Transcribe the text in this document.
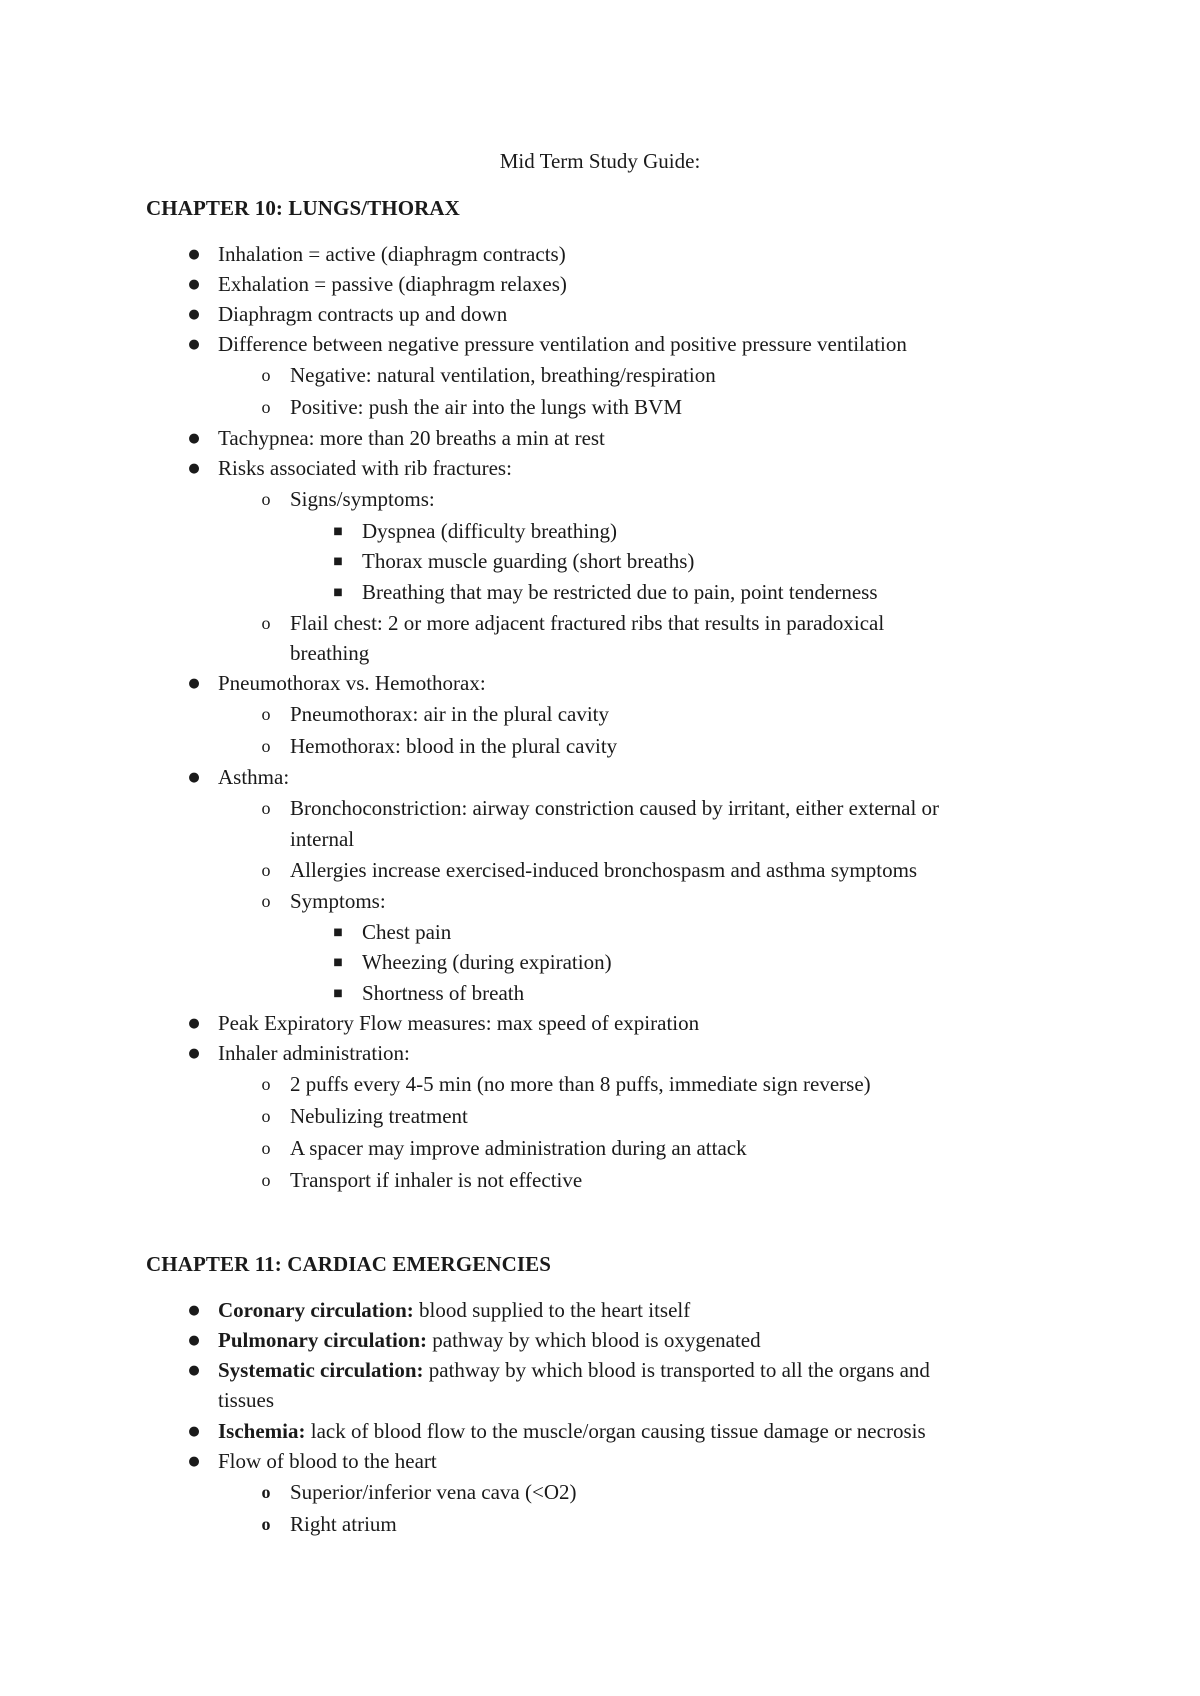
Mid Term Study Guide:
CHAPTER 10: LUNGS/THORAX
● Inhalation = active (diaphragm contracts)
● Exhalation = passive (diaphragm relaxes)
● Diaphragm contracts up and down
● Difference between negative pressure ventilation and positive pressure ventilation
o Negative: natural ventilation, breathing/respiration
o Positive: push the air into the lungs with BVM
● Tachypnea: more than 20 breaths a min at rest
● Risks associated with rib fractures:
o Signs/symptoms:
■ Dyspnea (difficulty breathing)
■ Thorax muscle guarding (short breaths)
■ Breathing that may be restricted due to pain, point tenderness
o Flail chest: 2 or more adjacent fractured ribs that results in paradoxical
breathing
● Pneumothorax vs. Hemothorax:
o Pneumothorax: air in the plural cavity
o Hemothorax: blood in the plural cavity
● Asthma:
o Bronchoconstriction: airway constriction caused by irritant, either external or
internal
o Allergies increase exercised-induced bronchospasm and asthma symptoms
o Symptoms:
■ Chest pain
■ Wheezing (during expiration)
■ Shortness of breath
● Peak Expiratory Flow measures: max speed of expiration
● Inhaler administration:
o 2 puffs every 4-5 min (no more than 8 puffs, immediate sign reverse)
o Nebulizing treatment
o A spacer may improve administration during an attack
o Transport if inhaler is not effective
CHAPTER 11: CARDIAC EMERGENCIES
● Coronary circulation: blood supplied to the heart itself
● Pulmonary circulation: pathway by which blood is oxygenated
● Systematic circulation: pathway by which blood is transported to all the organs and
tissues
● Ischemia: lack of blood flow to the muscle/organ causing tissue damage or necrosis
● Flow of blood to the heart
o Superior/inferior vena cava (<O2)
o Right atrium
